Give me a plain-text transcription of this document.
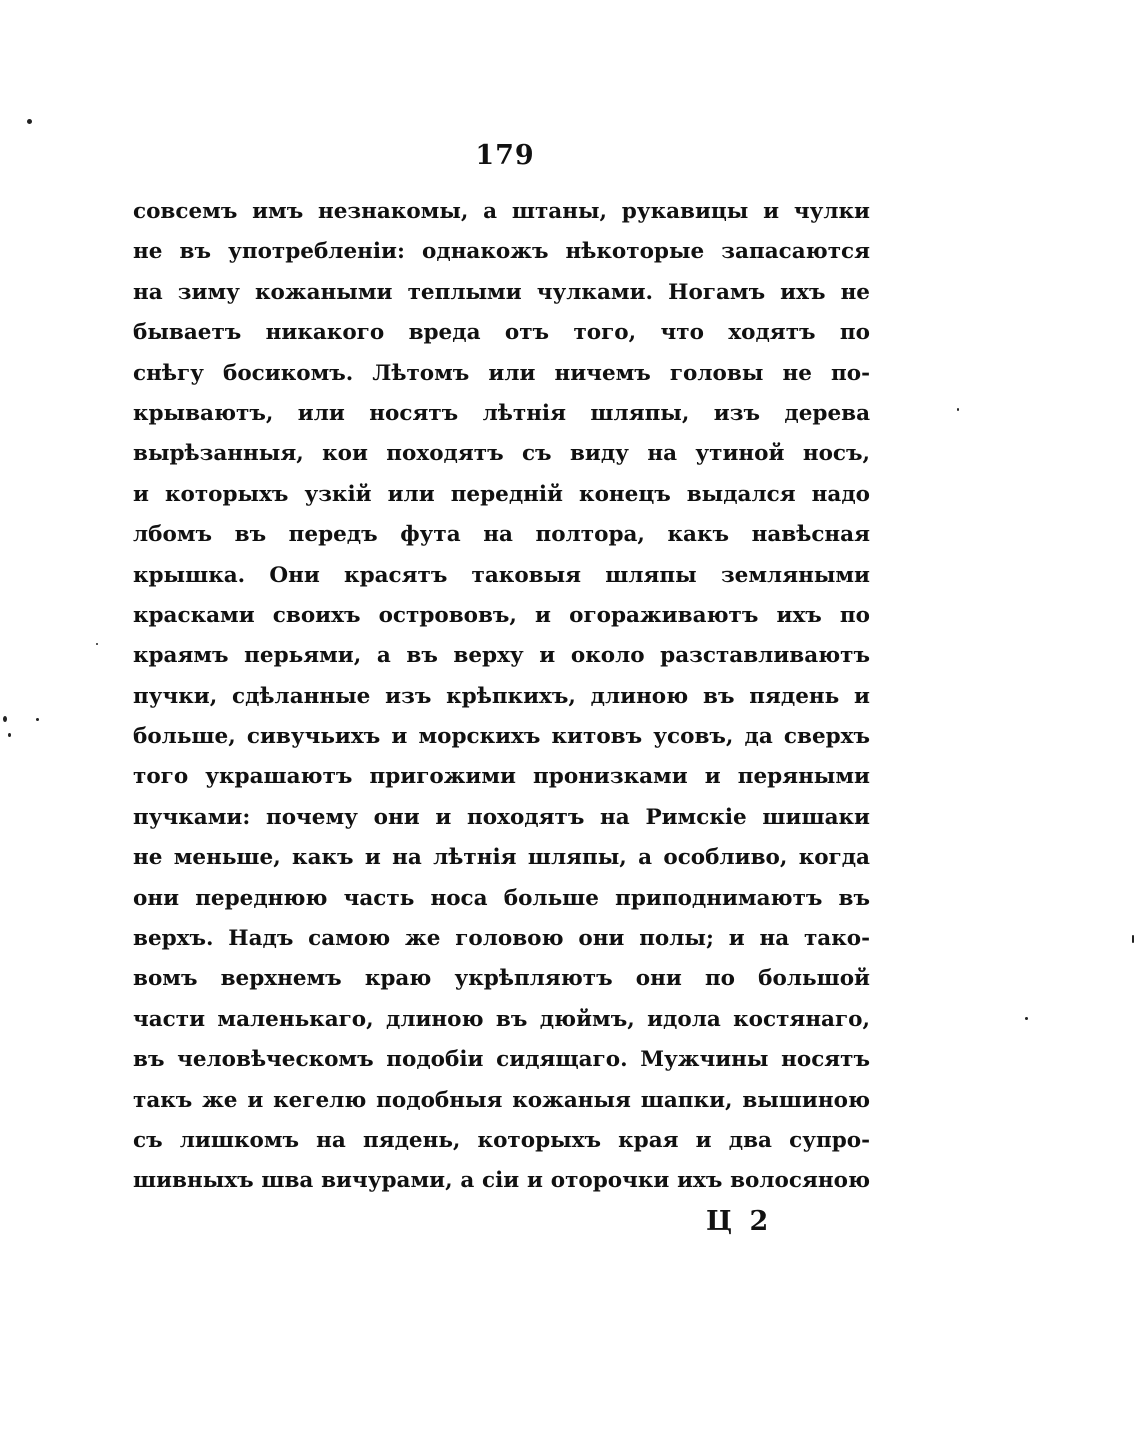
179
совсемъ имъ незнакомы, а штаны, рукавицы и чулки
не въ употребленіи: однакожъ нѣкоторые запасаются
на зиму кожаными теплыми чулками. Ногамъ ихъ не
бываетъ никакого вреда отъ того, что ходятъ по
снѣгу босикомъ. Лѣтомъ или ничемъ головы не по-
крываютъ, или носятъ лѣтнія шляпы, изъ дерева
вырѣзанныя, кои походятъ съ виду на утиной носъ,
и которыхъ узкій или передній конецъ выдался надо
лбомъ въ передъ фута на полтора, какъ навѣсная
крышка. Они красятъ таковыя шляпы земляными
красками своихъ острововъ, и огораживаютъ ихъ по
краямъ перьями, а въ верху и около разставливаютъ
пучки, сдѣланные изъ крѣпкихъ, длиною въ пядень и
больше, сивучьихъ и морскихъ китовъ усовъ, да сверхъ
того украшаютъ пригожими пронизками и перяными
пучками: почему они и походятъ на Римскіе шишаки
не меньше, какъ и на лѣтнія шляпы, а особливо, когда
они переднюю часть носа больше приподнимаютъ въ
верхъ. Надъ самою же головою они полы; и на тако-
вомъ верхнемъ краю укрѣпляютъ они по большой
части маленькаго, длиною въ дюймъ, идола костянаго,
въ человѣческомъ подобіи сидящаго. Мужчины носятъ
такъ же и кегелю подобныя кожаныя шапки, вышиною
съ лишкомъ на пядень, которыхъ края и два супро-
шивныхъ шва вичурами, а сіи и оторочки ихъ волосяною
Ц 2
